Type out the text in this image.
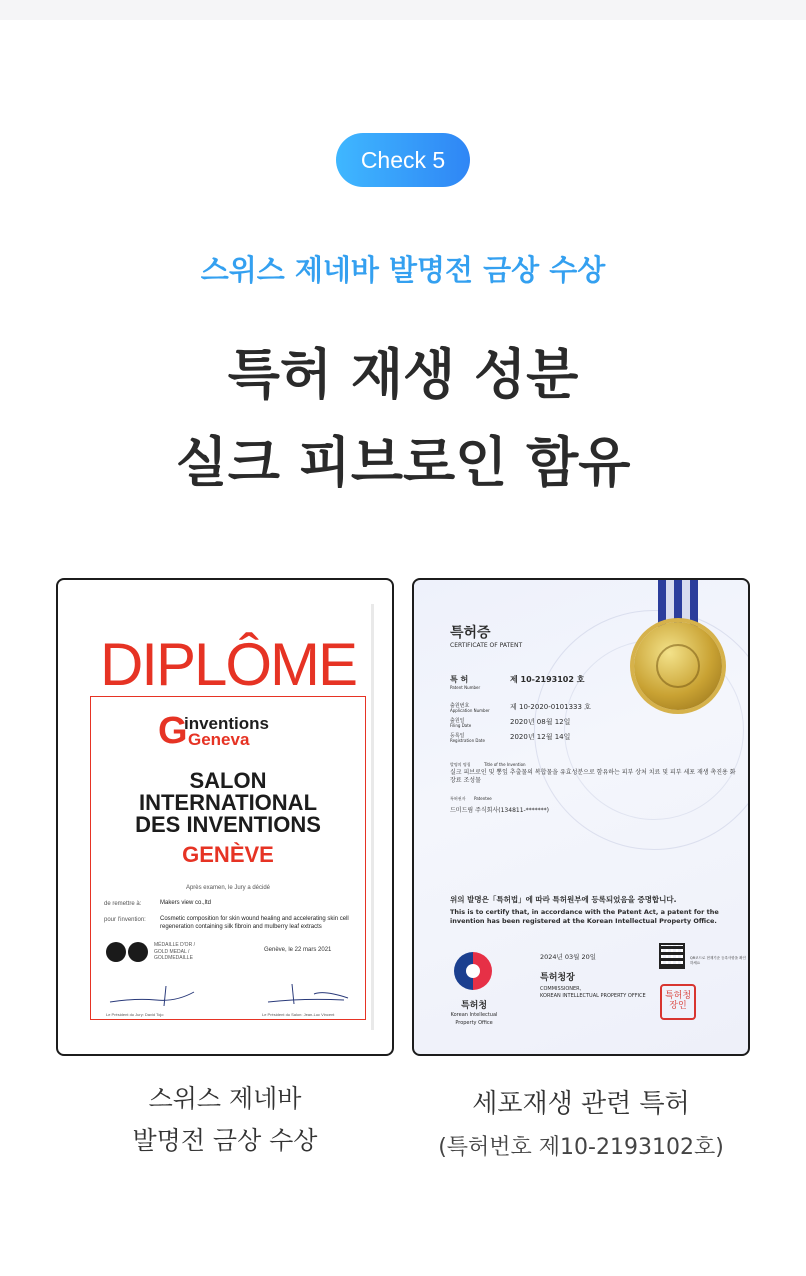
Check 5
스위스 제네바 발명전 금상 수상
특허 재생 성분
실크 피브로인 함유
DIPLÔME
G
inventions
Geneva
SALON
INTERNATIONAL
DES INVENTIONS
GENÈVE
Après examen, le Jury a décidé
de remettre à:	Makers view co.,ltd
pour l'invention: Cosmetic composition for skin wound healing and accelerating skin cell regeneration containing silk fibroin and mulberry leaf extracts
MÉDAILLE D'OR / GOLD MEDAL / GOLDMEDAILLE
Genève, le 22 mars 2021
Le Président du Jury: David Tojo	Le Président du Salon: Jean-Luc Vincent
특허증
CERTIFICATE OF PATENT
특 허
Patent Number
제 10-2193102 호
출원번호
Application Number	제 10-2020-0101333 호
출원일
Filing Date	2020년 08월 12일
등록일
Registration Date	2020년 12월 14일
발명의 명칭	Title of the Invention
실크 피브로인 및 뽕잎 추출물의 복합물을 유효성분으로 함유하는 피부 상처 치료 및 피부 세포 재생 촉진용 화장료 조성물
특허권자 Patentee
드미드림 주식회사(134811-*******)
위의 발명은「특허법」에 따라 특허원부에 등록되었음을 증명합니다.
This is to certify that, in accordance with the Patent Act, a patent for the invention has been registered at the Korean Intellectual Property Office.
2024년 03월 20일
특허청장
COMMISSIONER,
KOREAN INTELLECTUAL PROPERTY OFFICE
특허청
Korean Intellectual
Property Office
QR코드로 현재기준 등록사항을 확인하세요
특허청장인
스위스 제네바
발명전 금상 수상
세포재생 관련 특허
(특허번호 제10-2193102호)
